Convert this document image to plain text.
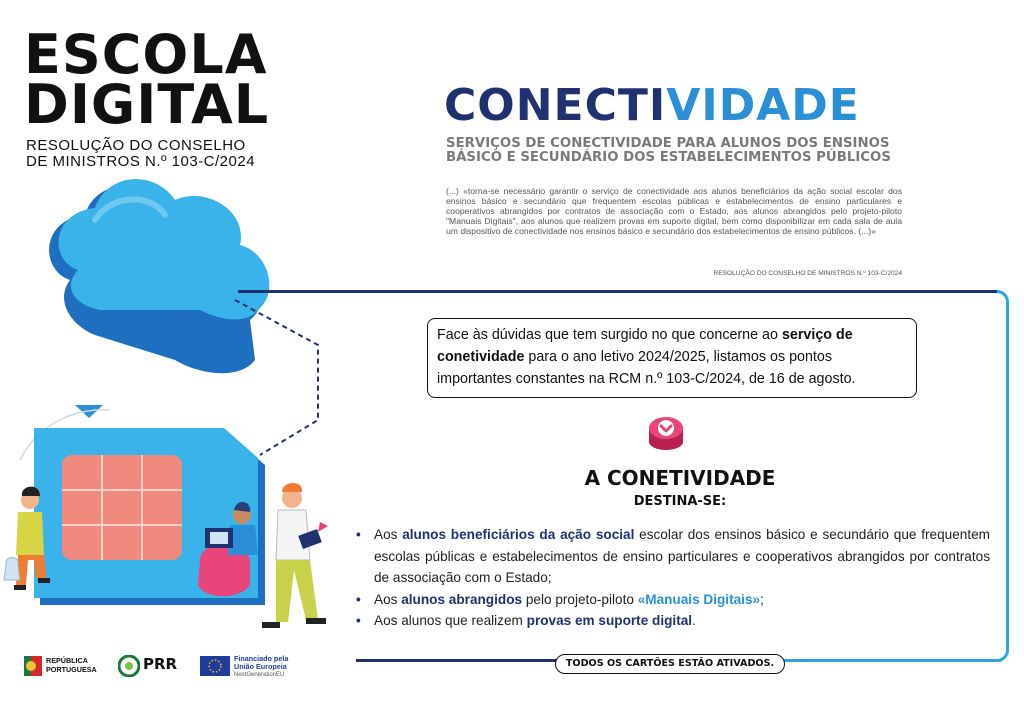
ESCOLA
DIGITAL
RESOLUÇÃO DO CONSELHO
DE MINISTROS N.º 103-C/2024
CONECTIVIDADE
SERVIÇOS DE CONECTIVIDADE PARA ALUNOS DOS ENSINOS
BÁSICO E SECUNDÁRIO DOS ESTABELECIMENTOS PÚBLICOS
(...) «torna-se necessário garantir o serviço de conectividade aos alunos beneficiários da ação social escolar dos ensinos básico e secundário que frequentem escolas públicas e estabelecimentos de ensino particulares e cooperativos abrangidos por contratos de associação com o Estado, aos alunos abrangidos pelo projeto-piloto "Manuais Digitais", aos alunos que realizem provas em suporte digital, bem como disponibilizar em cada sala de aula um dispositivo de conectividade nos ensinos básico e secundário dos estabelecimentos de ensino públicos. (...)»
RESOLUÇÃO DO CONSELHO DE MINISTROS N.º 103-C/2024
Face às dúvidas que tem surgido no que concerne ao serviço de conetividade para o ano letivo 2024/2025, listamos os pontos importantes constantes na RCM n.º 103-C/2024, de 16 de agosto.
A CONETIVIDADE
DESTINA-SE:
• Aos alunos beneficiários da ação social escolar dos ensinos básico e secundário que frequentem escolas públicas e estabelecimentos de ensino particulares e cooperativos abrangidos por contratos de associação com o Estado;
• Aos alunos abrangidos pelo projeto-piloto «Manuais Digitais»;
• Aos alunos que realizem provas em suporte digital.
TODOS OS CARTÕES ESTÃO ATIVADOS.
REPÚBLICA
PORTUGUESA	PRR	Financiado pela
União Europeia
NextGenerationEU
